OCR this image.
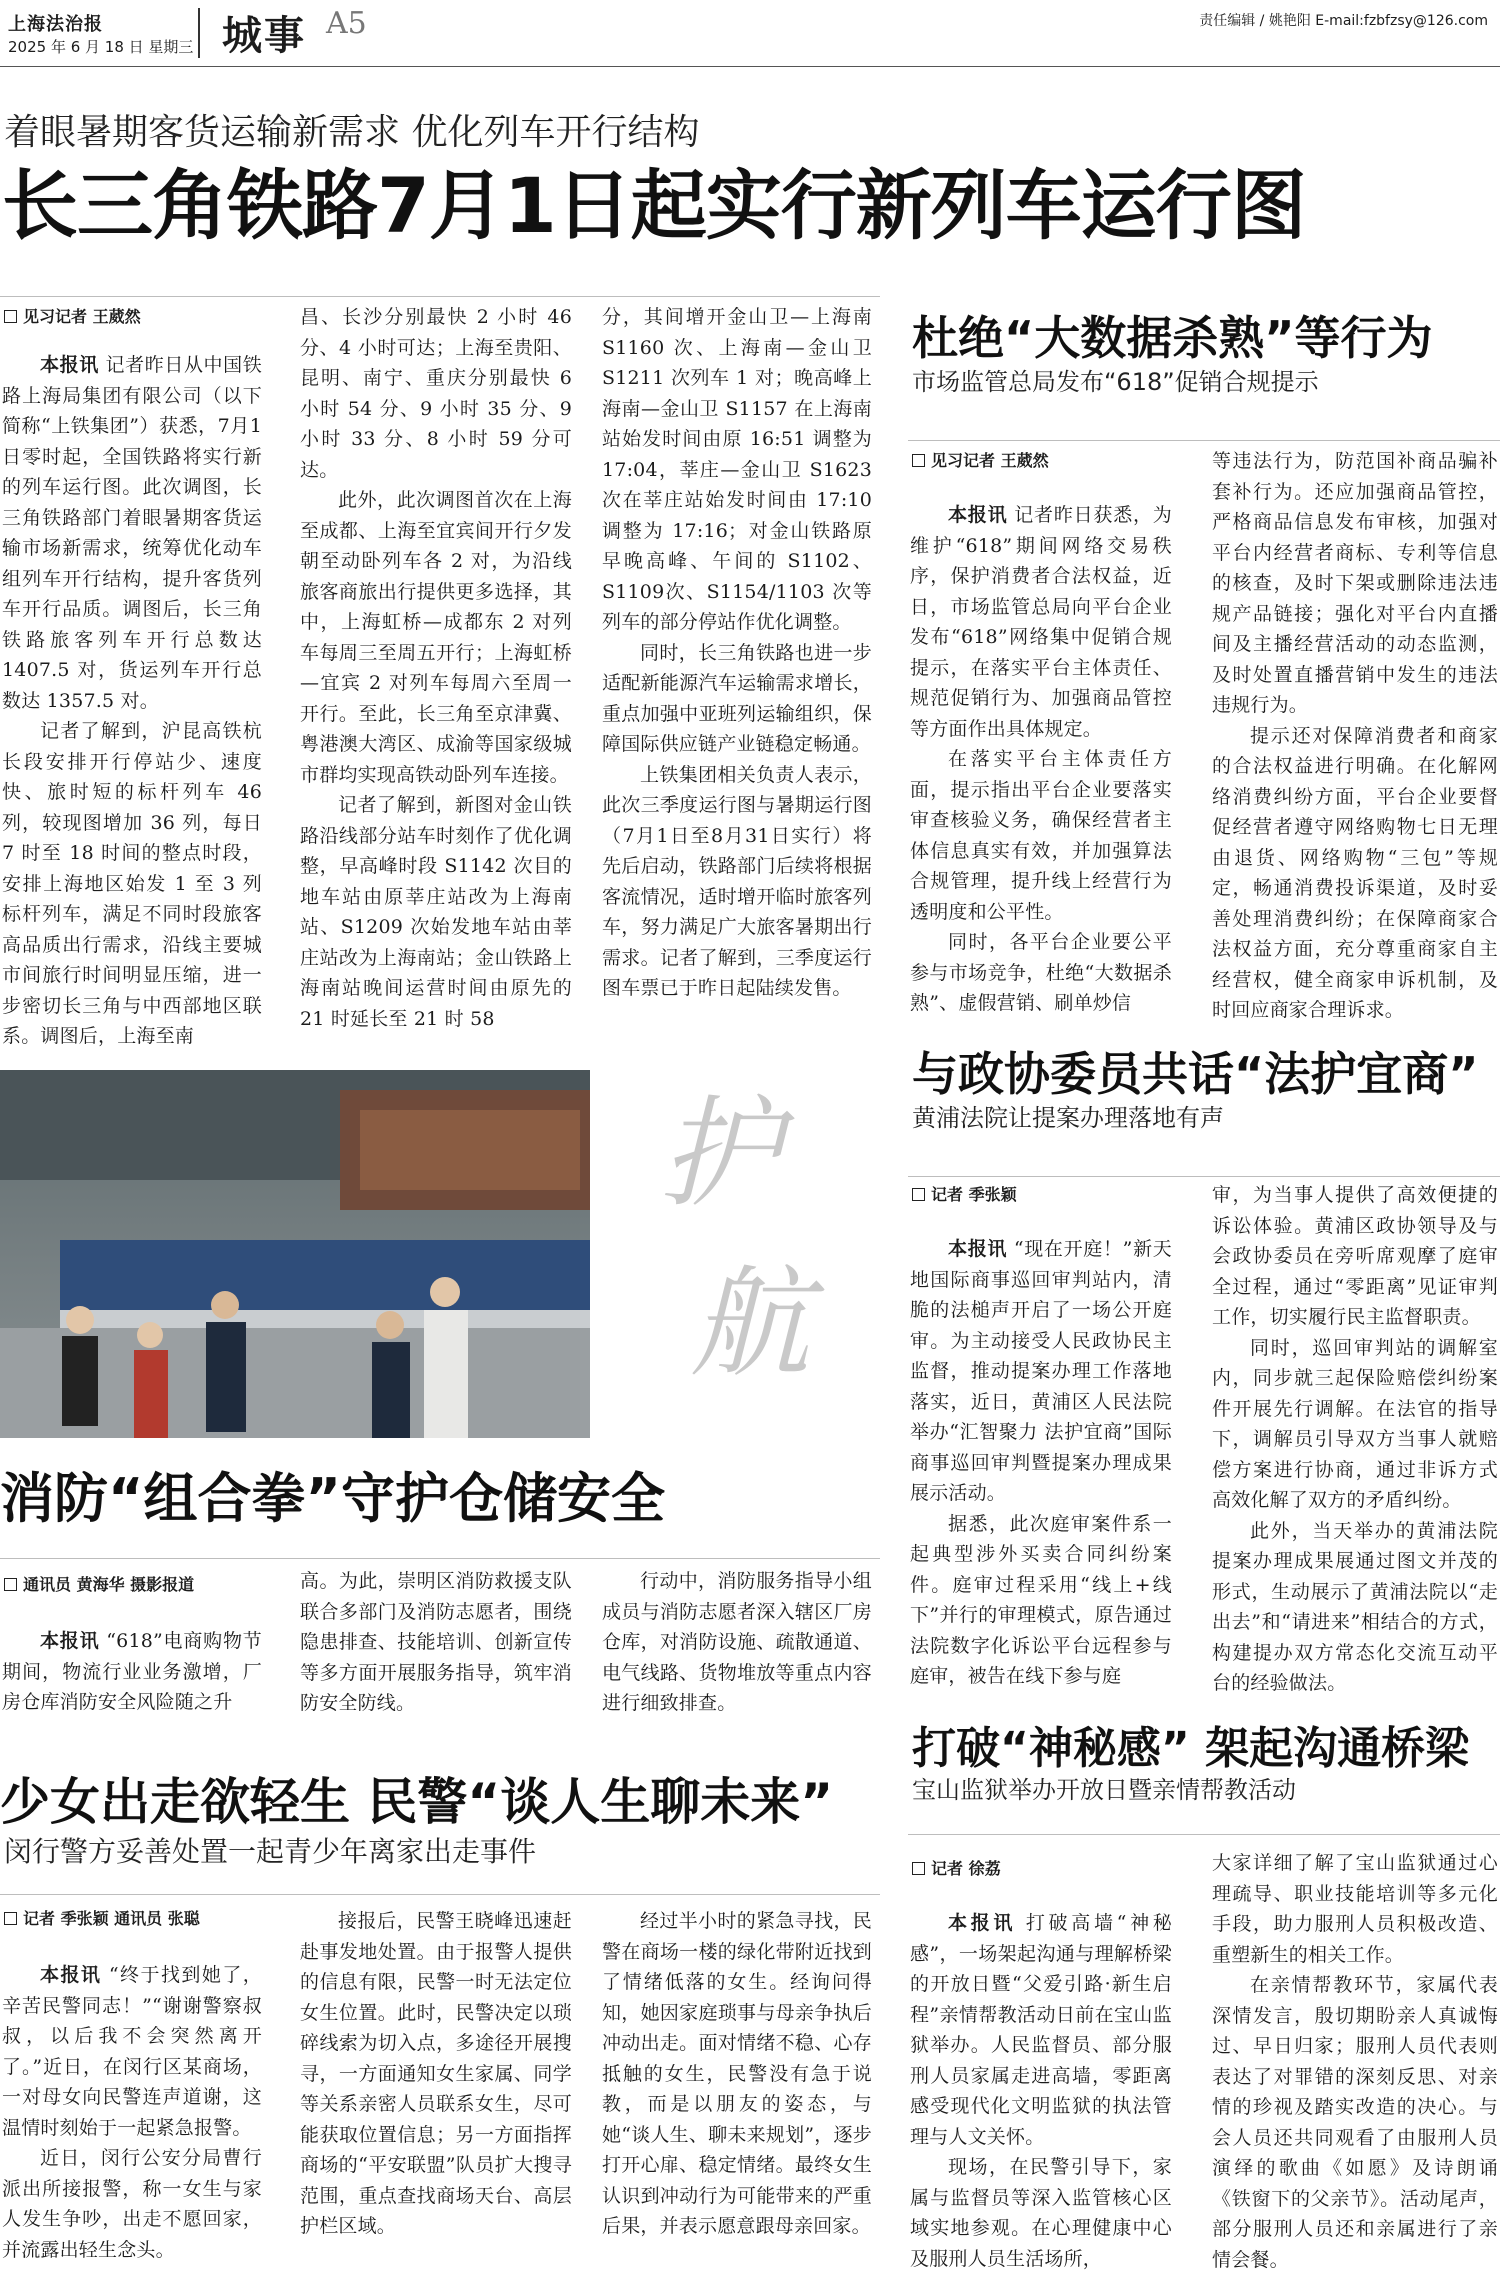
上海法治报
2025 年 6 月 18 日 星期三 城事 A5	责任编辑 / 姚艳阳 E-mail:fzbfzsy@126.com
着眼暑期客货运输新需求 优化列车开行结构
长三角铁路7月1日起实行新列车运行图
见习记者 王葳然

本报讯 记者昨日从中国铁路上海局集团有限公司（以下简称“上铁集团”）获悉，7月1日零时起，全国铁路将实行新的列车运行图。此次调图，长三角铁路部门着眼暑期客货运输市场新需求，统筹优化动车组列车开行结构，提升客货列车开行品质。调图后，长三角铁路旅客列车开行总数达 1407.5 对，货运列车开行总数达 1357.5 对。

记者了解到，沪昆高铁杭长段安排开行停站少、速度快、旅时短的标杆列车 46 列，较现图增加 36 列，每日 7 时至 18 时间的整点时段，安排上海地区始发 1 至 3 列标杆列车，满足不同时段旅客高品质出行需求，沿线主要城市间旅行时间明显压缩，进一步密切长三角与中西部地区联系。调图后，上海至南

昌、长沙分别最快 2 小时 46 分、4 小时可达；上海至贵阳、昆明、南宁、重庆分别最快 6 小时 54 分、9 小时 35 分、9 小时 33 分、8 小时 59 分可达。

此外，此次调图首次在上海至成都、上海至宜宾间开行夕发朝至动卧列车各 2 对，为沿线旅客商旅出行提供更多选择，其中，上海虹桥—成都东 2 对列车每周三至周五开行；上海虹桥—宜宾 2 对列车每周六至周一开行。至此，长三角至京津冀、粤港澳大湾区、成渝等国家级城市群均实现高铁动卧列车连接。

记者了解到，新图对金山铁路沿线部分站车时刻作了优化调整，早高峰时段 S1142 次目的地车站由原莘庄站改为上海南站、S1209 次始发地车站由莘庄站改为上海南站；金山铁路上海南站晚间运营时间由原先的 21 时延长至 21 时 58

分，其间增开金山卫—上海南 S1160 次、上海南—金山卫 S1211 次列车 1 对；晚高峰上海南—金山卫 S1157 在上海南站始发时间由原 16:51 调整为 17:04，莘庄—金山卫 S1623 次在莘庄站始发时间由 17:10 调整为 17:16；对金山铁路原早晚高峰、午间的 S1102、S1109次、S1154/1103 次等列车的部分停站作优化调整。

同时，长三角铁路也进一步适配新能源汽车运输需求增长，重点加强中亚班列运输组织，保障国际供应链产业链稳定畅通。

上铁集团相关负责人表示，此次三季度运行图与暑期运行图（7月1日至8月31日实行）将先后启动，铁路部门后续将根据客流情况，适时增开临时旅客列车，努力满足广大旅客暑期出行需求。记者了解到，三季度运行图车票已于昨日起陆续发售。

杜绝“大数据杀熟”等行为
市场监管总局发布“618”促销合规提示
见习记者 王葳然

本报讯 记者昨日获悉，为维护“618”期间网络交易秩序，保护消费者合法权益，近日，市场监管总局向平台企业发布“618”网络集中促销合规提示，在落实平台主体责任、规范促销行为、加强商品管控等方面作出具体规定。

在落实平台主体责任方面，提示指出平台企业要落实审查核验义务，确保经营者主体信息真实有效，并加强算法合规管理，提升线上经营行为透明度和公平性。

同时，各平台企业要公平参与市场竞争，杜绝“大数据杀熟”、虚假营销、刷单炒信

等违法行为，防范国补商品骗补套补行为。还应加强商品管控，严格商品信息发布审核，加强对平台内经营者商标、专利等信息的核查，及时下架或删除违法违规产品链接；强化对平台内直播间及主播经营活动的动态监测，及时处置直播营销中发生的违法违规行为。

提示还对保障消费者和商家的合法权益进行明确。在化解网络消费纠纷方面，平台企业要督促经营者遵守网络购物七日无理由退货、网络购物“三包”等规定，畅通消费投诉渠道，及时妥善处理消费纠纷；在保障商家合法权益方面，充分尊重商家自主经营权，健全商家申诉机制，及时回应商家合理诉求。

与政协委员共话“法护宜商”
黄浦法院让提案办理落地有声
记者 季张颖

本报讯 “现在开庭！”新天地国际商事巡回审判站内，清脆的法槌声开启了一场公开庭审。为主动接受人民政协民主监督，推动提案办理工作落地落实，近日，黄浦区人民法院举办“汇智聚力 法护宜商”国际商事巡回审判暨提案办理成果展示活动。

据悉，此次庭审案件系一起典型涉外买卖合同纠纷案件。庭审过程采用“线上+线下”并行的审理模式，原告通过法院数字化诉讼平台远程参与庭审，被告在线下参与庭

审，为当事人提供了高效便捷的诉讼体验。黄浦区政协领导及与会政协委员在旁听席观摩了庭审全过程，通过“零距离”见证审判工作，切实履行民主监督职责。

同时，巡回审判站的调解室内，同步就三起保险赔偿纠纷案件开展先行调解。在法官的指导下，调解员引导双方当事人就赔偿方案进行协商，通过非诉方式高效化解了双方的矛盾纠纷。

此外，当天举办的黄浦法院提案办理成果展通过图文并茂的形式，生动展示了黄浦法院以“走出去”和“请进来”相结合的方式，构建提办双方常态化交流互动平台的经验做法。

护
航
消防“组合拳”守护仓储安全
通讯员 黄海华 摄影报道

本报讯 “618”电商购物节期间，物流行业业务激增，厂房仓库消防安全风险随之升

高。为此，崇明区消防救援支队联合多部门及消防志愿者，围绕隐患排查、技能培训、创新宣传等多方面开展服务指导，筑牢消防安全防线。

行动中，消防服务指导小组成员与消防志愿者深入辖区厂房仓库，对消防设施、疏散通道、电气线路、货物堆放等重点内容进行细致排查。

少女出走欲轻生 民警“谈人生聊未来”
闵行警方妥善处置一起青少年离家出走事件
记者 季张颖 通讯员 张聪

本报讯 “终于找到她了，辛苦民警同志！”“谢谢警察叔叔，以后我不会突然离开了。”近日，在闵行区某商场，一对母女向民警连声道谢，这温情时刻始于一起紧急报警。

近日，闵行公安分局曹行派出所接报警，称一女生与家人发生争吵，出走不愿回家，并流露出轻生念头。

接报后，民警王晓峰迅速赶赴事发地处置。由于报警人提供的信息有限，民警一时无法定位女生位置。此时，民警决定以琐碎线索为切入点，多途径开展搜寻，一方面通知女生家属、同学等关系亲密人员联系女生，尽可能获取位置信息；另一方面指挥商场的“平安联盟”队员扩大搜寻范围，重点查找商场天台、高层护栏区域。

经过半小时的紧急寻找，民警在商场一楼的绿化带附近找到了情绪低落的女生。经询问得知，她因家庭琐事与母亲争执后冲动出走。面对情绪不稳、心存抵触的女生，民警没有急于说教，而是以朋友的姿态，与她“谈人生、聊未来规划”，逐步打开心扉、稳定情绪。最终女生认识到冲动行为可能带来的严重后果，并表示愿意跟母亲回家。

打破“神秘感” 架起沟通桥梁
宝山监狱举办开放日暨亲情帮教活动
记者 徐荔

本报讯 打破高墙“神秘感”，一场架起沟通与理解桥梁的开放日暨“父爱引路·新生启程”亲情帮教活动日前在宝山监狱举办。人民监督员、部分服刑人员家属走进高墙，零距离感受现代化文明监狱的执法管理与人文关怀。

现场，在民警引导下，家属与监督员等深入监管核心区域实地参观。在心理健康中心及服刑人员生活场所，

大家详细了解了宝山监狱通过心理疏导、职业技能培训等多元化手段，助力服刑人员积极改造、重塑新生的相关工作。

在亲情帮教环节，家属代表深情发言，殷切期盼亲人真诚悔过、早日归家；服刑人员代表则表达了对罪错的深刻反思、对亲情的珍视及踏实改造的决心。与会人员还共同观看了由服刑人员演绎的歌曲《如愿》及诗朗诵《铁窗下的父亲节》。活动尾声，部分服刑人员还和亲属进行了亲情会餐。
